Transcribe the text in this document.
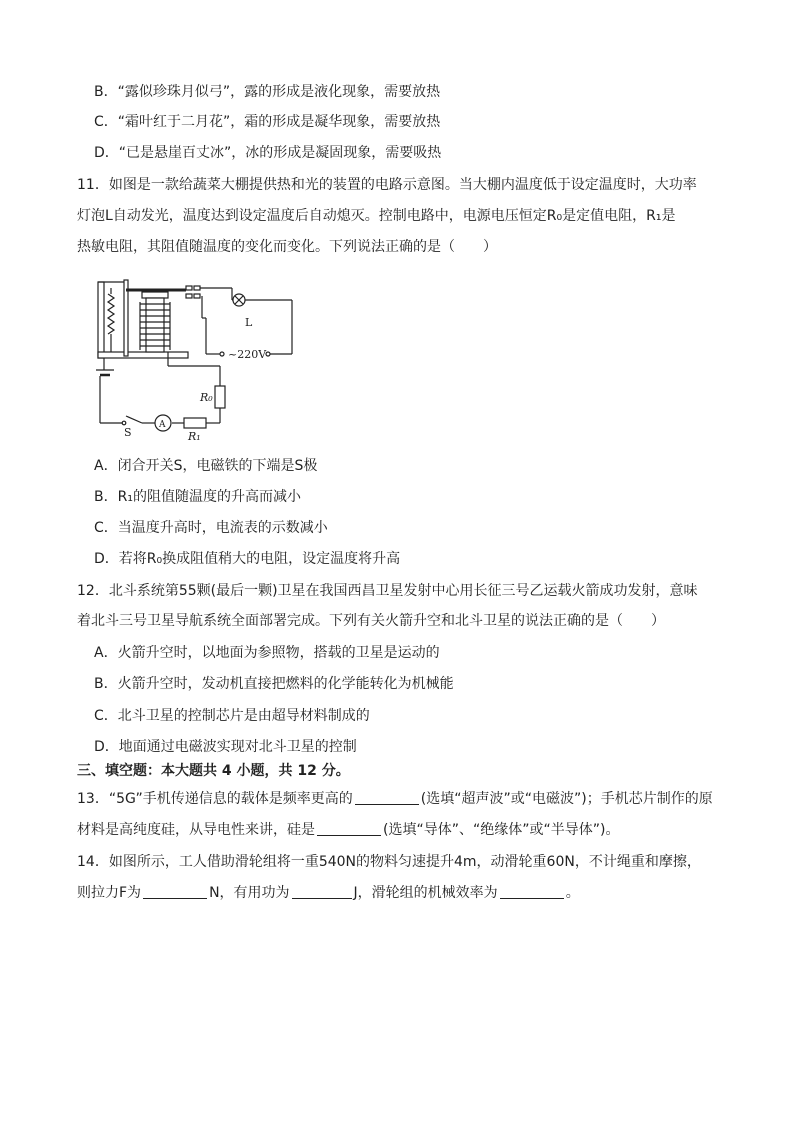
B．“露似珍珠月似弓”，露的形成是液化现象，需要放热
C．“霜叶红于二月花”，霜的形成是凝华现象，需要放热
D．“已是悬崖百丈冰”，冰的形成是凝固现象，需要吸热
11．如图是一款给蔬菜大棚提供热和光的装置的电路示意图。当大棚内温度低于设定温度时，大功率
灯泡L自动发光，温度达到设定温度后自动熄灭。控制电路中，电源电压恒定R₀是定值电阻，R₁是
热敏电阻，其阻值随温度的变化而变化。下列说法正确的是（　　）
L
~220V
R₀
R₁
S
A
A．闭合开关S，电磁铁的下端是S极
B．R₁的阻值随温度的升高而减小
C．当温度升高时，电流表的示数减小
D．若将R₀换成阻值稍大的电阻，设定温度将升高
12．北斗系统第55颗(最后一颗)卫星在我国西昌卫星发射中心用长征三号乙运载火箭成功发射，意味
着北斗三号卫星导航系统全面部署完成。下列有关火箭升空和北斗卫星的说法正确的是（　　）
A．火箭升空时，以地面为参照物，搭载的卫星是运动的
B．火箭升空时，发动机直接把燃料的化学能转化为机械能
C．北斗卫星的控制芯片是由超导材料制成的
D．地面通过电磁波实现对北斗卫星的控制
三、填空题：本大题共 4 小题，共 12 分。
13．“5G”手机传递信息的载体是频率更高的	(选填“超声波”或“电磁波”)；手机芯片制作的原
材料是高纯度硅，从导电性来讲，硅是	(选填“导体”、“绝缘体”或“半导体”)。
14．如图所示，工人借助滑轮组将一重540N的物料匀速提升4m，动滑轮重60N，不计绳重和摩擦，
则拉力F为	N，有用功为	J，滑轮组的机械效率为	。
